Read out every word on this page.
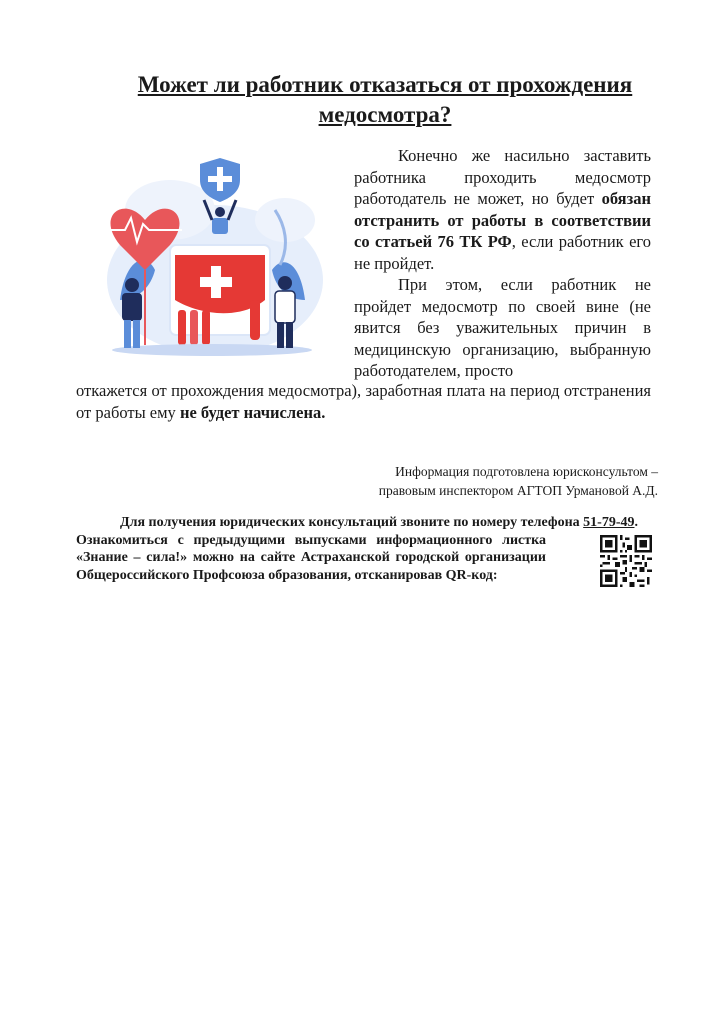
Может ли работник отказаться от прохождения медосмотра?

Конечно же насильно заставить работника проходить медосмотр работодатель не может, но будет обязан отстранить от работы в соответствии со статьей 76 ТК РФ, если работник его не пройдет.

При этом, если работник не пройдет медосмотр по своей вине (не явится без уважительных причин в медицинскую организацию, выбранную работодателем, просто

откажется от прохождения медосмотра), заработная плата на период отстранения от работы ему не будет начислена.

Информация подготовлена юрисконсультом –
правовым инспектором АГТОП Урмановой А.Д.
Для получения юридических консультаций звоните по номеру телефона 51-79-49.
Ознакомиться с предыдущими выпусками информационного листка «Знание – сила!» можно на сайте Астраханской городской организации Общероссийского Профсоюза образования, отсканировав QR-код:
